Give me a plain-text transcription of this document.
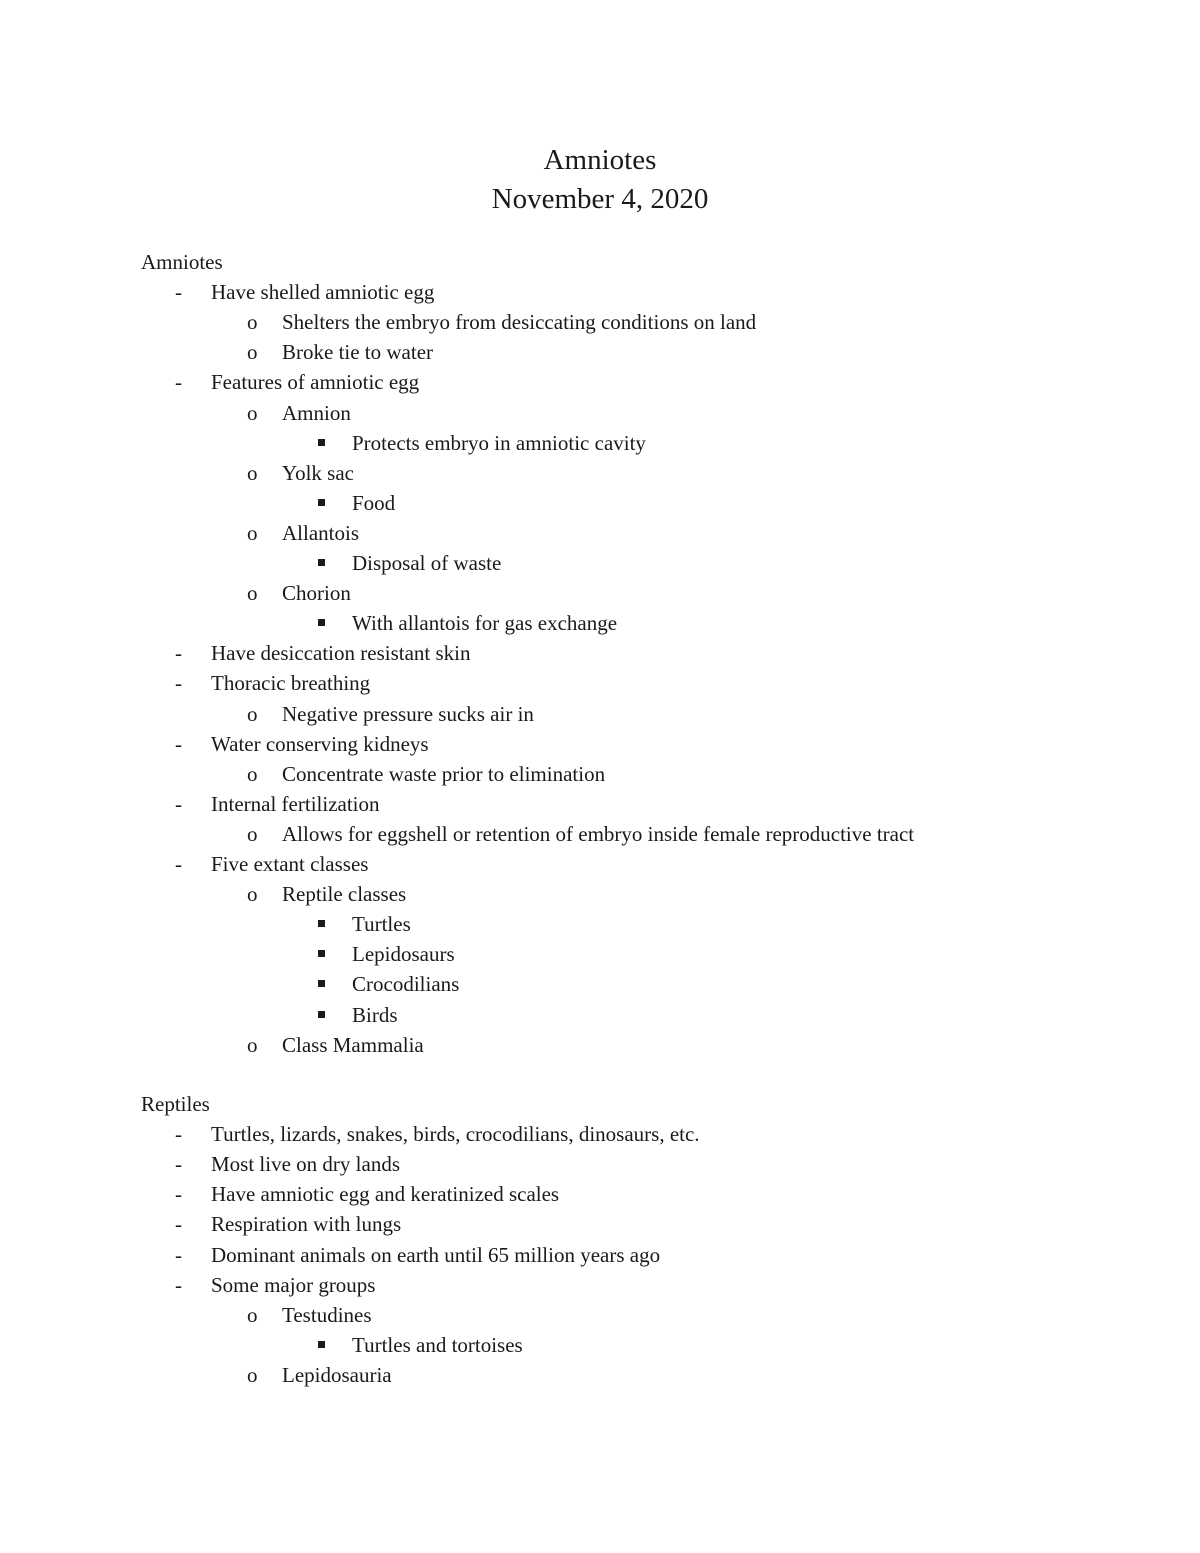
Amniotes
November 4, 2020
Amniotes
- Have shelled amniotic egg
o Shelters the embryo from desiccating conditions on land
o Broke tie to water
- Features of amniotic egg
o Amnion
Protects embryo in amniotic cavity
o Yolk sac
Food
o Allantois
Disposal of waste
o Chorion
With allantois for gas exchange
- Have desiccation resistant skin
- Thoracic breathing
o Negative pressure sucks air in
- Water conserving kidneys
o Concentrate waste prior to elimination
- Internal fertilization
o Allows for eggshell or retention of embryo inside female reproductive tract
- Five extant classes
o Reptile classes
Turtles
Lepidosaurs
Crocodilians
Birds
o Class Mammalia
Reptiles
- Turtles, lizards, snakes, birds, crocodilians, dinosaurs, etc.
- Most live on dry lands
- Have amniotic egg and keratinized scales
- Respiration with lungs
- Dominant animals on earth until 65 million years ago
- Some major groups
o Testudines
Turtles and tortoises
o Lepidosauria
